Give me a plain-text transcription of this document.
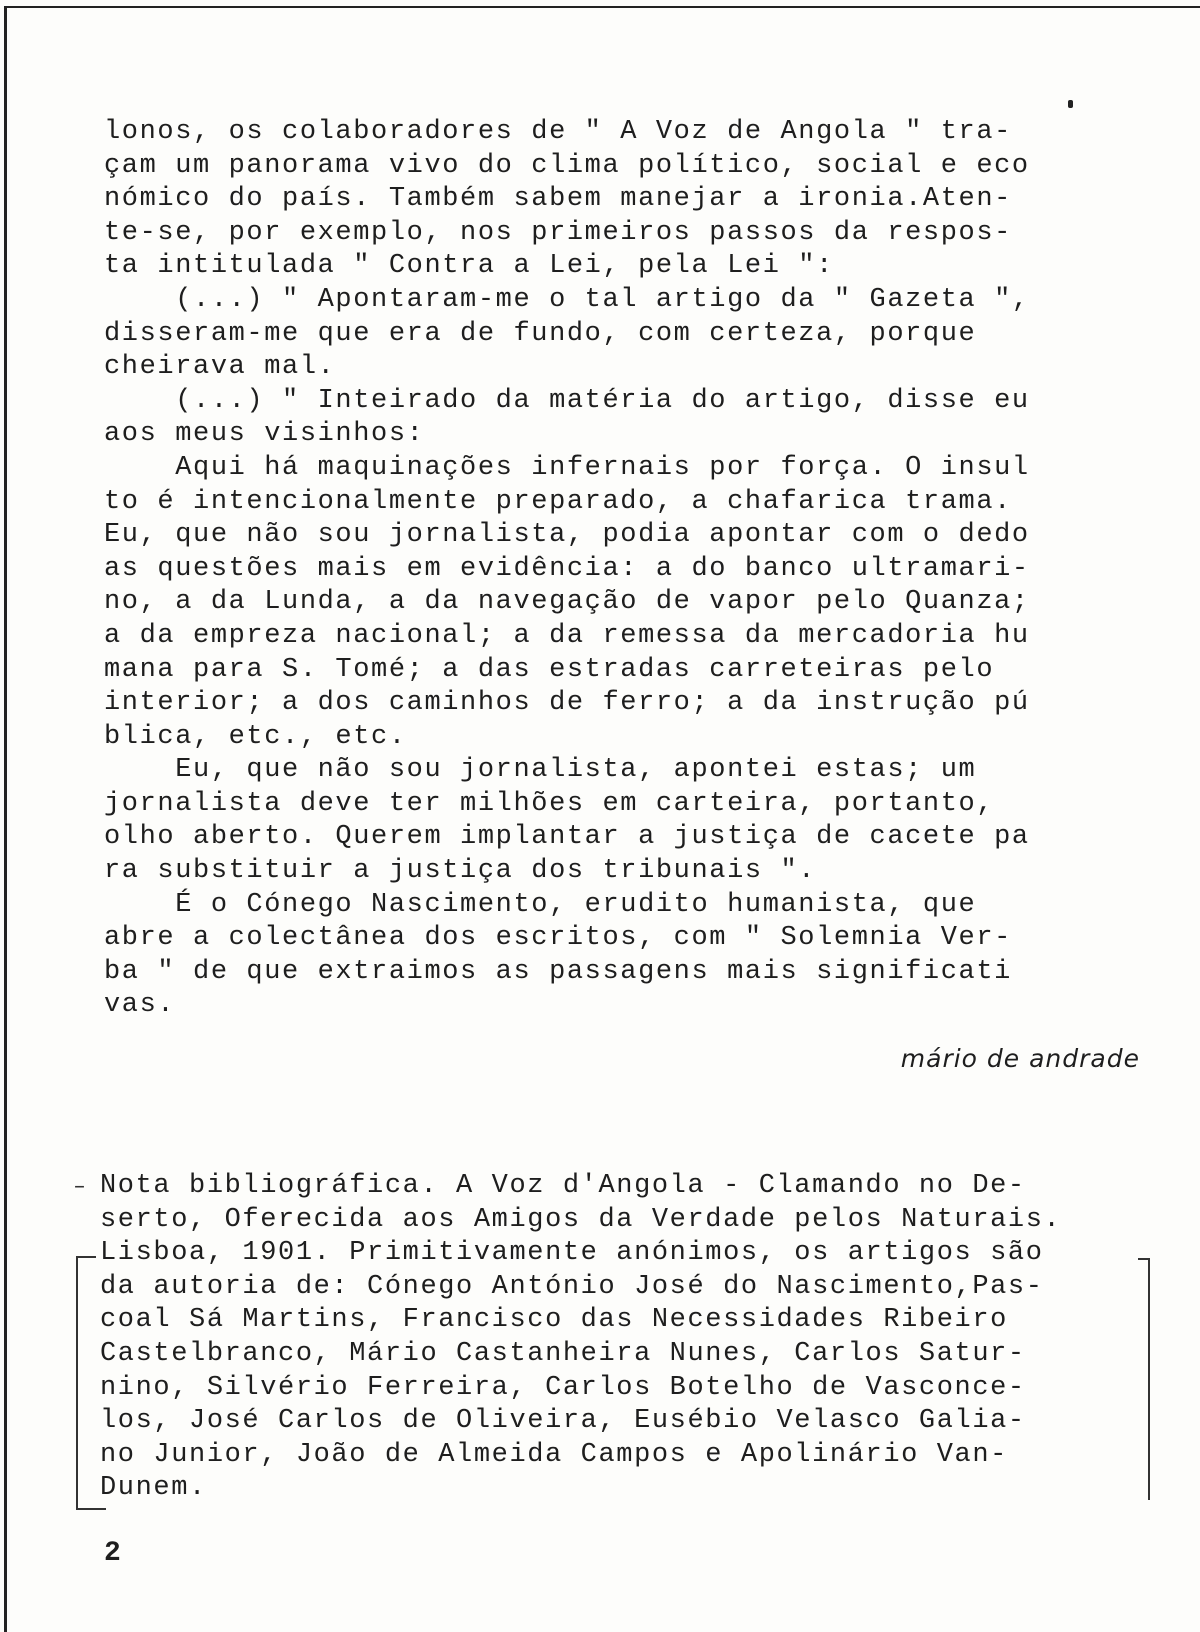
lonos, os colaboradores de " A Voz de Angola " tra-
çam um panorama vivo do clima político, social e eco
nómico do país. Também sabem manejar a ironia.Aten-
te-se, por exemplo, nos primeiros passos da respos-
ta intitulada " Contra a Lei, pela Lei ":
(...) " Apontaram-me o tal artigo da " Gazeta ",
disseram-me que era de fundo, com certeza, porque
cheirava mal.
(...) " Inteirado da matéria do artigo, disse eu
aos meus visinhos:
Aqui há maquinações infernais por força. O insul
to é intencionalmente preparado, a chafarica trama.
Eu, que não sou jornalista, podia apontar com o dedo
as questões mais em evidência: a do banco ultramari-
no, a da Lunda, a da navegação de vapor pelo Quanza;
a da empreza nacional; a da remessa da mercadoria hu
mana para S. Tomé; a das estradas carreteiras pelo
interior; a dos caminhos de ferro; a da instrução pú
blica, etc., etc.
Eu, que não sou jornalista, apontei estas; um
jornalista deve ter milhões em carteira, portanto,
olho aberto. Querem implantar a justiça de cacete pa
ra substituir a justiça dos tribunais ".
É o Cónego Nascimento, erudito humanista, que
abre a colectânea dos escritos, com " Solemnia Ver-
ba " de que extraimos as passagens mais significati
vas.

mário de andrade

– Nota bibliográfica. A Voz d'Angola - Clamando no De-
serto, Oferecida aos Amigos da Verdade pelos Naturais.
Lisboa, 1901. Primitivamente anónimos, os artigos são
da autoria de: Cónego António José do Nascimento,Pas-
coal Sá Martins, Francisco das Necessidades Ribeiro
Castelbranco, Mário Castanheira Nunes, Carlos Satur-
nino, Silvério Ferreira, Carlos Botelho de Vasconce-
los, José Carlos de Oliveira, Eusébio Velasco Galia-
no Junior, João de Almeida Campos e Apolinário Van-
Dunem.

2
